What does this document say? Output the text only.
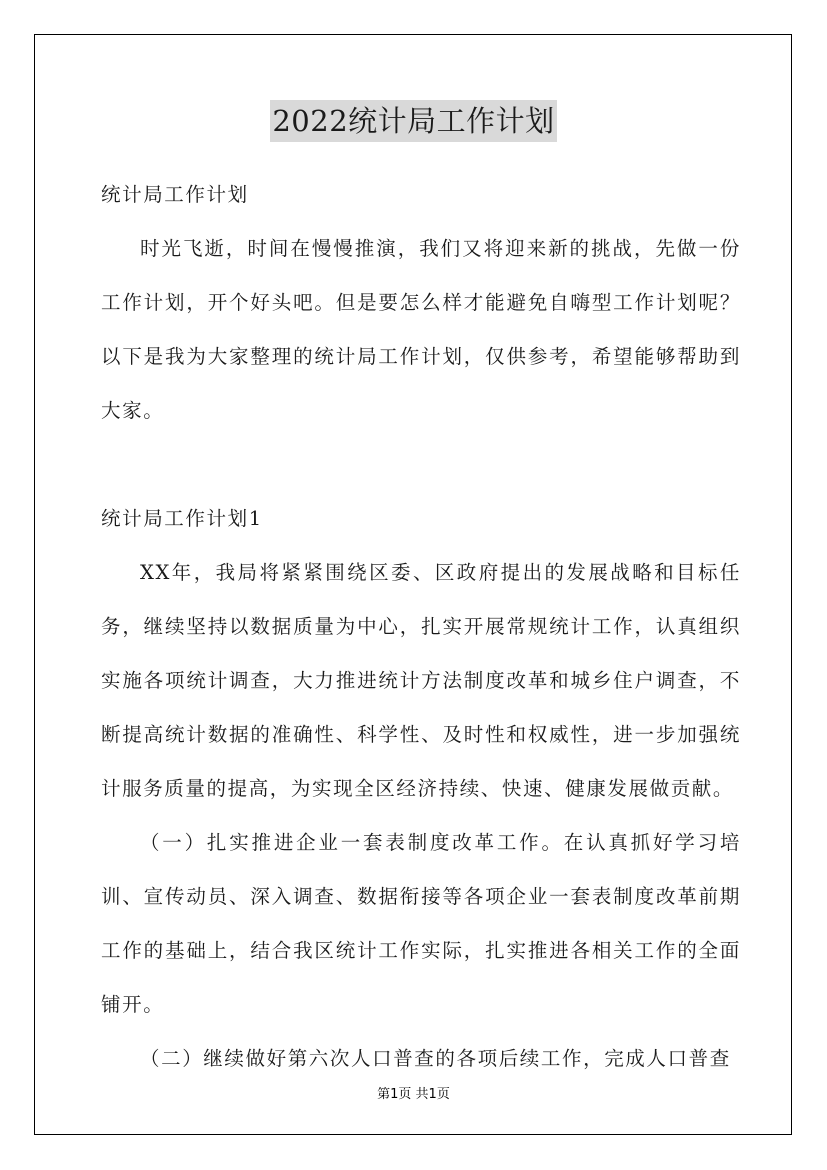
2022统计局工作计划

统计局工作计划

时光飞逝，时间在慢慢推演，我们又将迎来新的挑战，先做一份工作计划，开个好头吧。但是要怎么样才能避免自嗨型工作计划呢？以下是我为大家整理的统计局工作计划，仅供参考，希望能够帮助到大家。

统计局工作计划1

XX年，我局将紧紧围绕区委、区政府提出的发展战略和目标任务，继续坚持以数据质量为中心，扎实开展常规统计工作，认真组织实施各项统计调查，大力推进统计方法制度改革和城乡住户调查，不断提高统计数据的准确性、科学性、及时性和权威性，进一步加强统计服务质量的提高，为实现全区经济持续、快速、健康发展做贡献。

（一）扎实推进企业一套表制度改革工作。在认真抓好学习培训、宣传动员、深入调查、数据衔接等各项企业一套表制度改革前期工作的基础上，结合我区统计工作实际，扎实推进各相关工作的全面铺开。

（二）继续做好第六次人口普查的各项后续工作，完成人口普查

第1页 共1页
